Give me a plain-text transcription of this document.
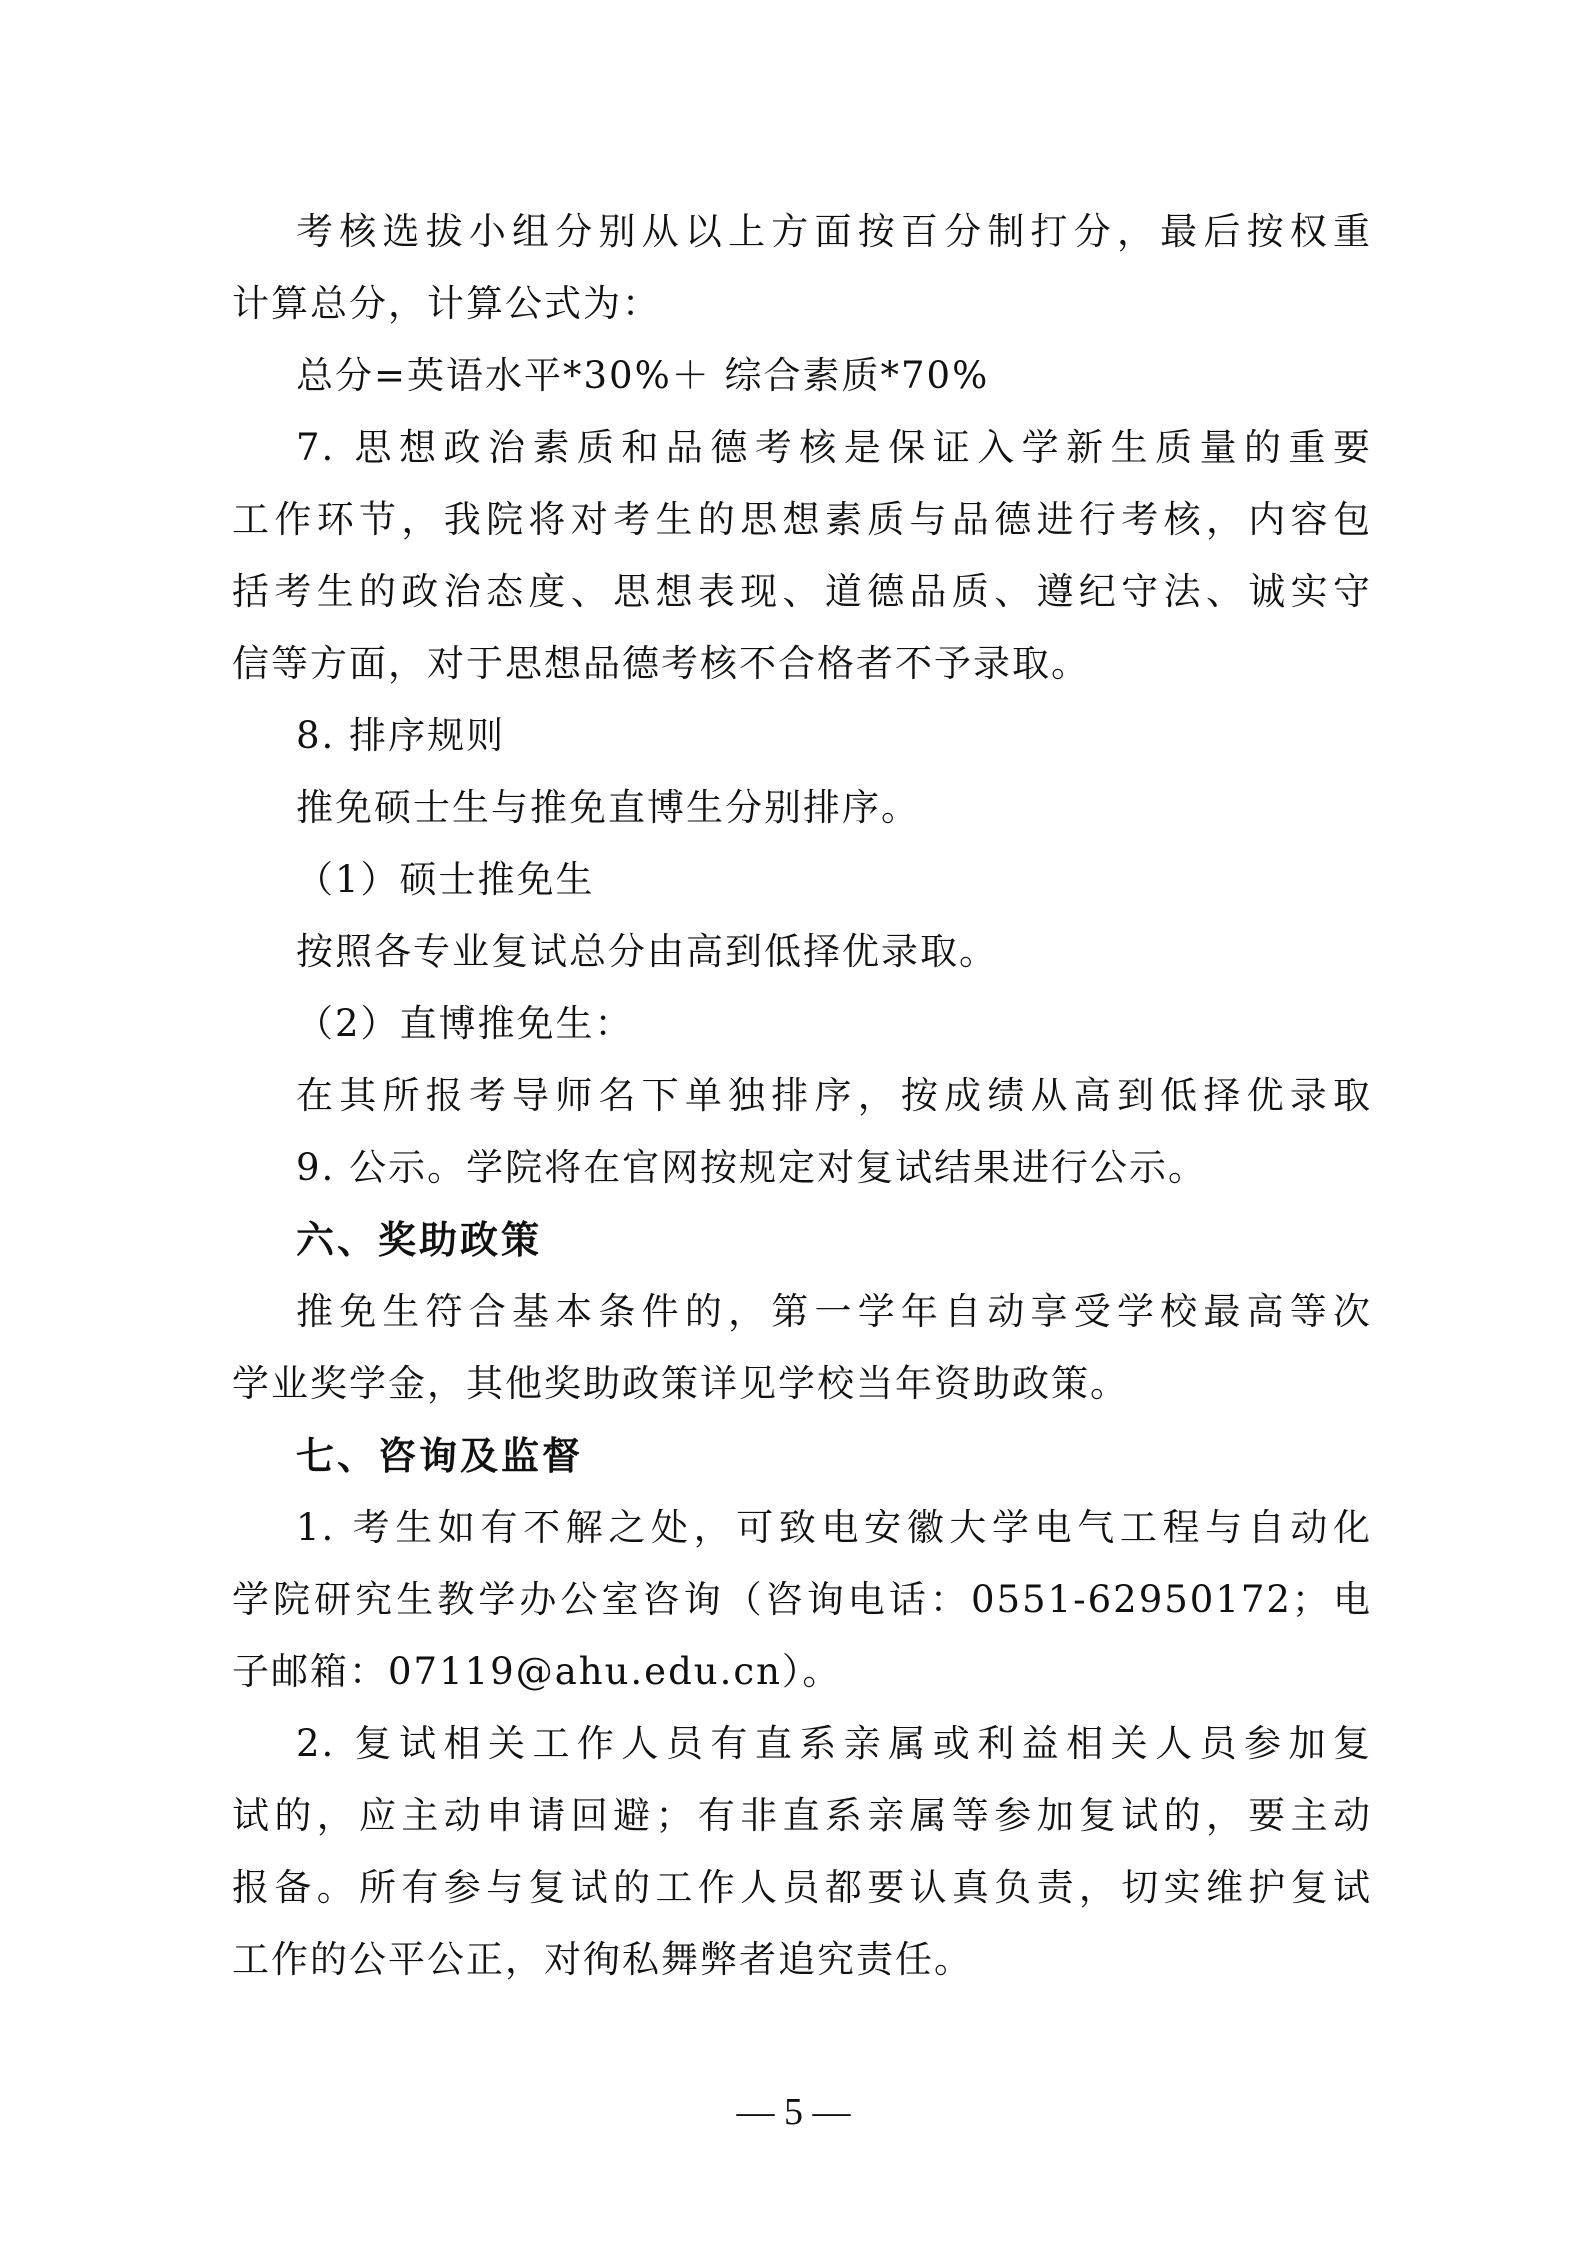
考核选拔小组分别从以上方面按百分制打分，最后按权重
计算总分，计算公式为：
总分=英语水平*30%＋ 综合素质*70%
7. 思想政治素质和品德考核是保证入学新生质量的重要
工作环节，我院将对考生的思想素质与品德进行考核，内容包
括考生的政治态度、思想表现、道德品质、遵纪守法、诚实守
信等方面，对于思想品德考核不合格者不予录取。
8. 排序规则
推免硕士生与推免直博生分别排序。
（1）硕士推免生
按照各专业复试总分由高到低择优录取。
（2）直博推免生：
在其所报考导师名下单独排序，按成绩从高到低择优录取
9. 公示。学院将在官网按规定对复试结果进行公示。
六、奖助政策
推免生符合基本条件的，第一学年自动享受学校最高等次
学业奖学金，其他奖助政策详见学校当年资助政策。
七、咨询及监督
1. 考生如有不解之处，可致电安徽大学电气工程与自动化
学院研究生教学办公室咨询（咨询电话：0551-62950172；电
子邮箱：07119@ahu.edu.cn）。
2. 复试相关工作人员有直系亲属或利益相关人员参加复
试的，应主动申请回避；有非直系亲属等参加复试的，要主动
报备。所有参与复试的工作人员都要认真负责，切实维护复试
工作的公平公正，对徇私舞弊者追究责任。
— 5 —
